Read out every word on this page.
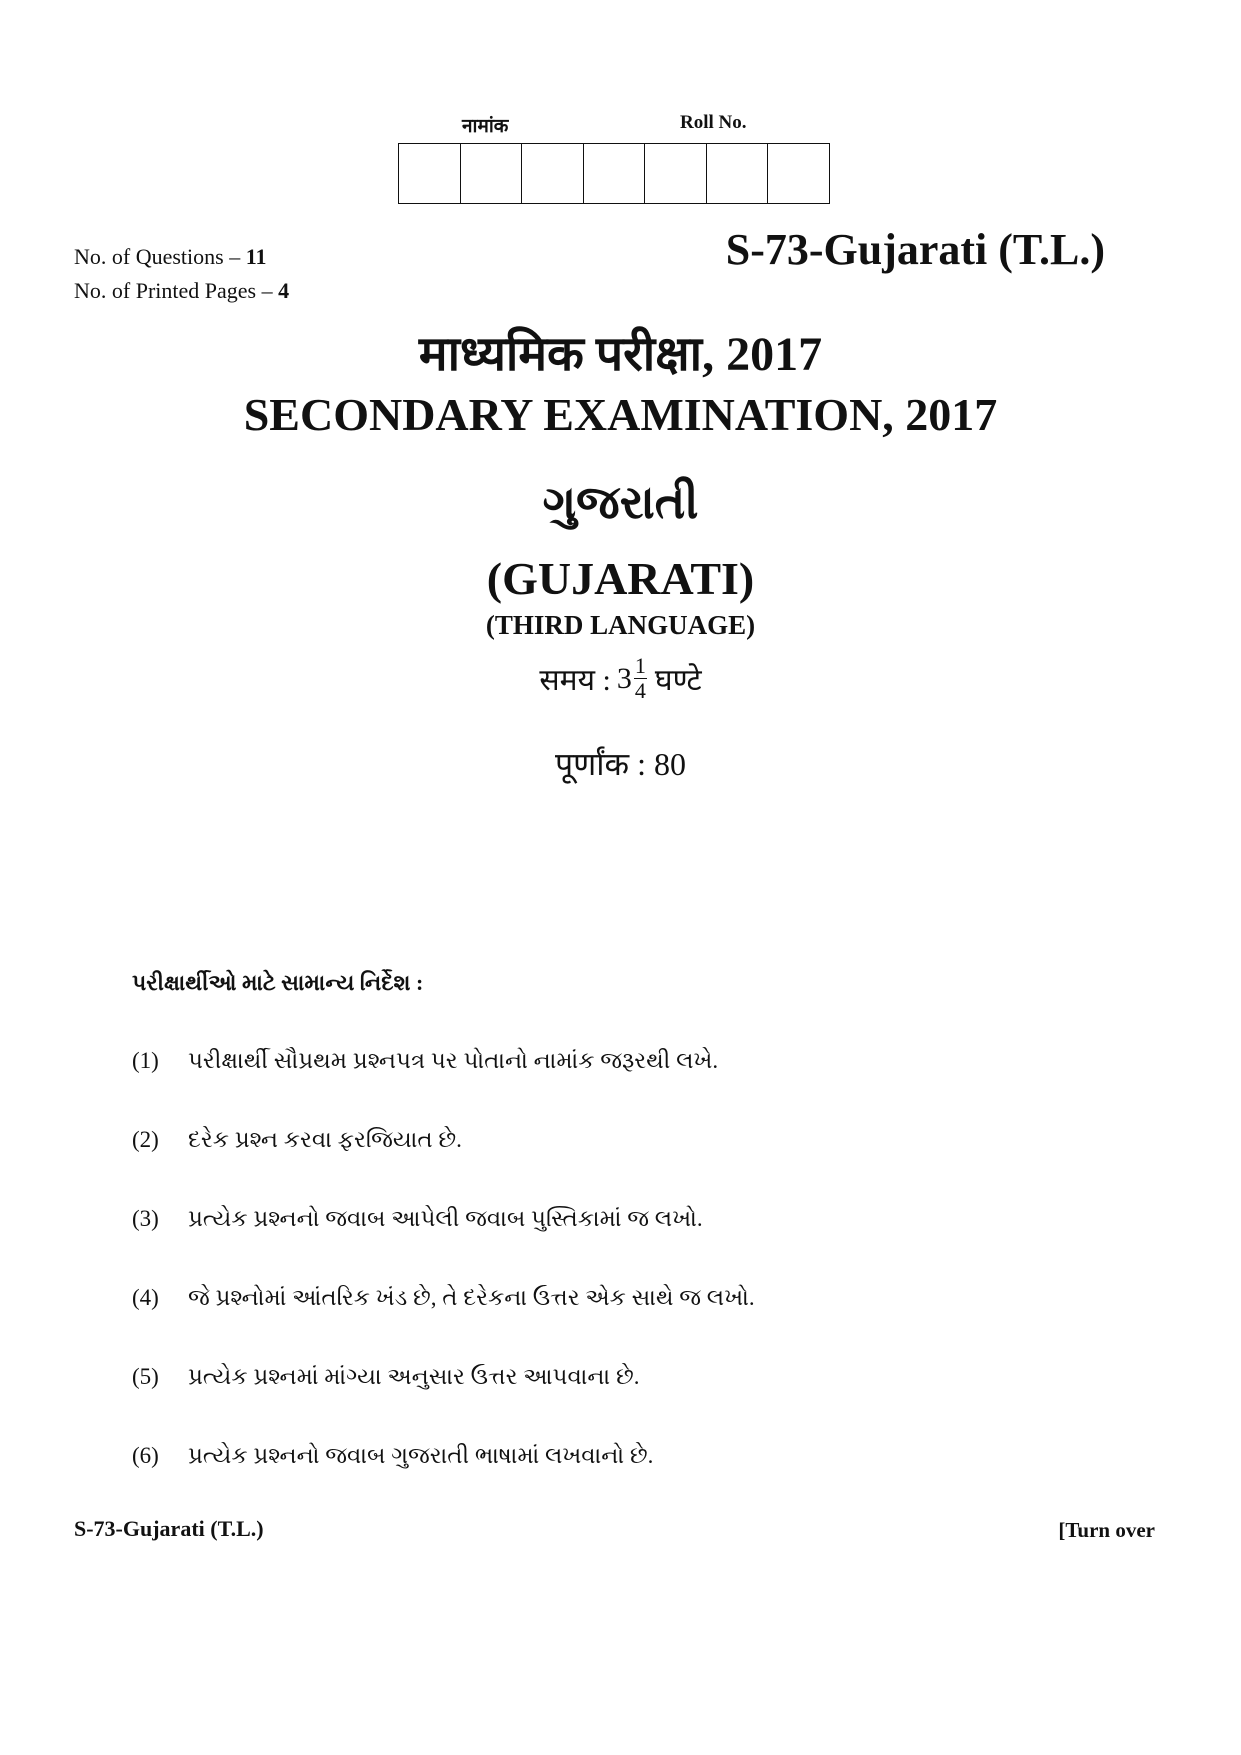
नामांक	Roll No.
No. of Questions – 11
No. of Printed Pages – 4
S-73-Gujarati (T.L.)
माध्यमिक परीक्षा, 2017
SECONDARY EXAMINATION, 2017
ગુજરાતી
(GUJARATI)
(THIRD LANGUAGE)
समय : $3 \frac{1}{4}$ घण्टे
पूर्णांक : 80
પરીક્ષાર્થીઓ માટે સામાન્ય નિર્દેશ :
(1)	પરીક્ષાર્થી સૌપ્રથમ પ્રશ્નપત્ર પર પોતાનો નામાંક જરૂરથી લખે.
(2)	દરેક પ્રશ્ન કરવા ફરજિયાત છે.
(3)	પ્રત્યેક પ્રશ્નનો જવાબ આપેલી જવાબ પુસ્તિકામાં જ લખો.
(4)	જે પ્રશ્નોમાં આંતરિક ખંડ છે, તે દરેકના ઉત્તર એક સાથે જ લખો.
(5)	પ્રત્યેક પ્રશ્નમાં માંગ્યા અનુસાર ઉત્તર આપવાના છે.
(6)	પ્રત્યેક પ્રશ્નનો જવાબ ગુજરાતી ભાષામાં લખવાનો છે.
S-73-Gujarati (T.L.)	[Turn over
